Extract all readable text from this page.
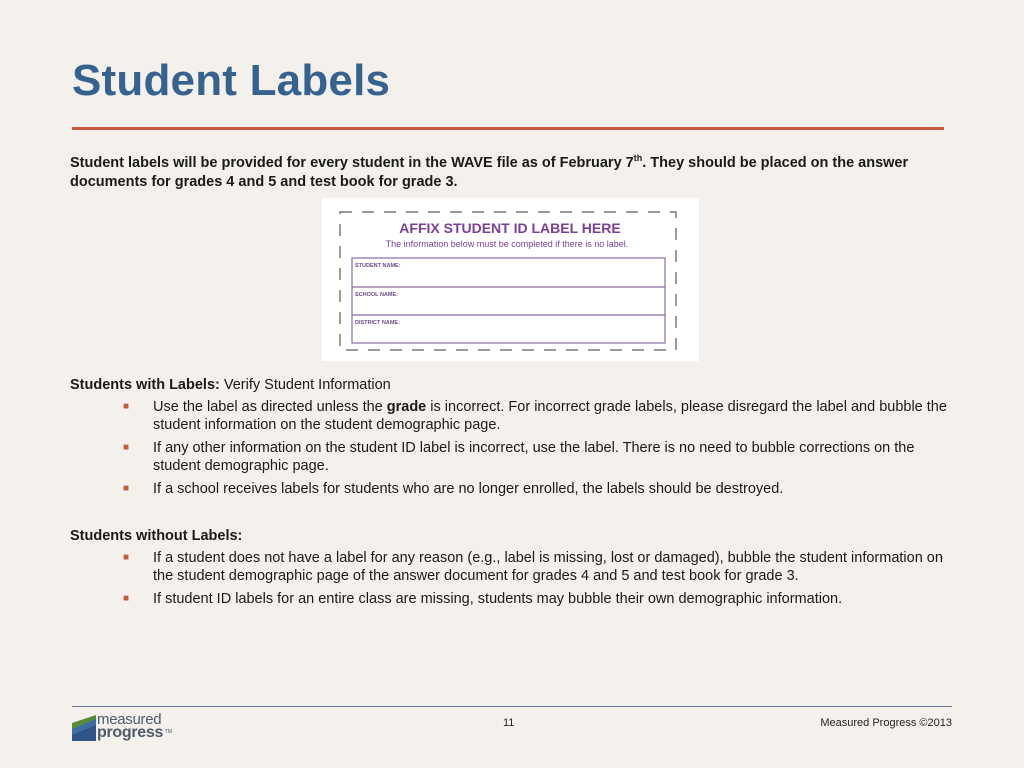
Student Labels
Student labels will be provided for every student in the WAVE file as of February 7th. They should be placed on the answer documents for grades 4 and 5 and test book for grade 3.
AFFIX STUDENT ID LABEL HERE
The information below must be completed if there is no label.
STUDENT NAME:
SCHOOL NAME:
DISTRICT NAME:
Students with Labels: Verify Student Information
■ Use the label as directed unless the grade is incorrect. For incorrect grade labels, please disregard the label and bubble the student information on the student demographic page.
■ If any other information on the student ID label is incorrect, use the label. There is no need to bubble corrections on the student demographic page.
■ If a school receives labels for students who are no longer enrolled, the labels should be destroyed.
Students without Labels:
■ If a student does not have a label for any reason (e.g., label is missing, lost or damaged), bubble the student information on the student demographic page of the answer document for grades 4 and 5 and test book for grade 3.
■ If student ID labels for an entire class are missing, students may bubble their own demographic information.
measured
progress TM
11	Measured Progress ©2013
